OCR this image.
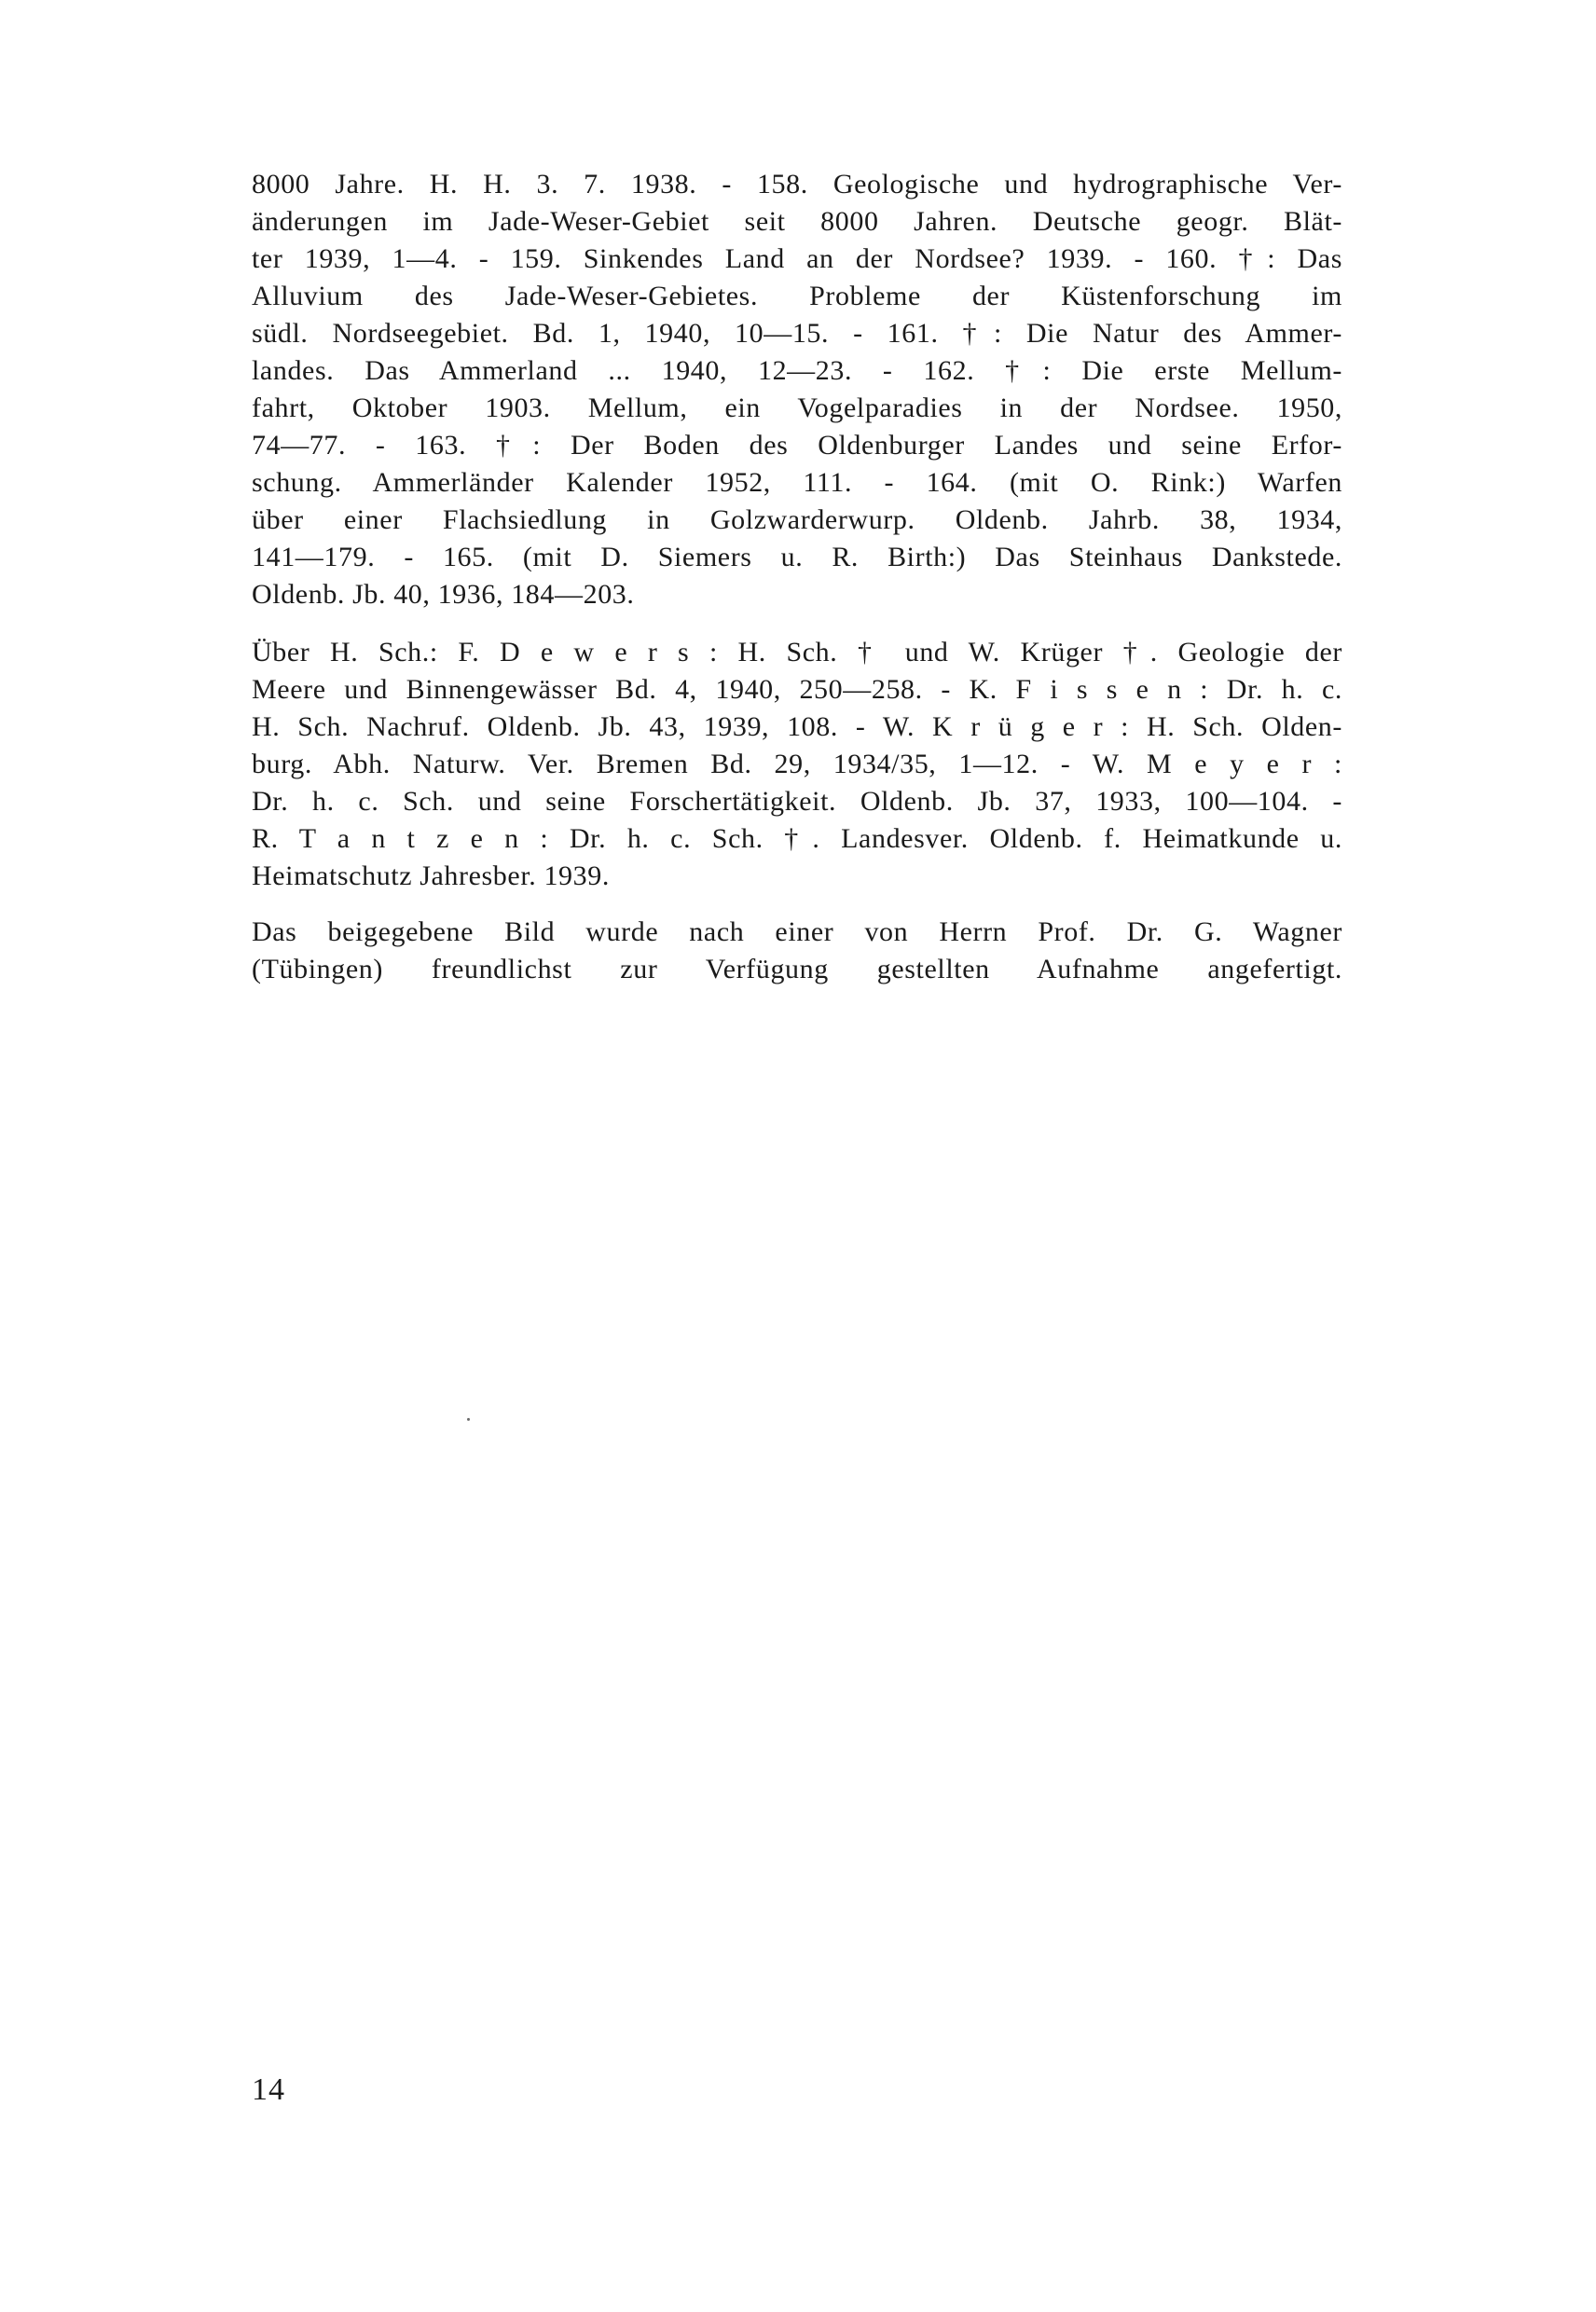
8000 Jahre. H. H. 3. 7. 1938. - 158. Geologische und hydrographische Ver-
änderungen im Jade-Weser-Gebiet seit 8000 Jahren. Deutsche geogr. Blät-
ter 1939, 1—4. - 159. Sinkendes Land an der Nordsee? 1939. - 160. †: Das
Alluvium des Jade-Weser-Gebietes. Probleme der Küstenforschung im
südl. Nordseegebiet. Bd. 1, 1940, 10—15. - 161. †: Die Natur des Ammer-
landes. Das Ammerland ... 1940, 12—23. - 162. †: Die erste Mellum-
fahrt, Oktober 1903. Mellum, ein Vogelparadies in der Nordsee. 1950,
74—77. - 163. †: Der Boden des Oldenburger Landes und seine Erfor-
schung. Ammerländer Kalender 1952, 111. - 164. (mit O. Rink:) Warfen
über einer Flachsiedlung in Golzwarderwurp. Oldenb. Jahrb. 38, 1934,
141—179. - 165. (mit D. Siemers u. R. Birth:) Das Steinhaus Dankstede.
Oldenb. Jb. 40, 1936, 184—203.
Über H. Sch.: F. D e w e r s : H. Sch. † und W. Krüger †. Geologie der
Meere und Binnengewässer Bd. 4, 1940, 250—258. - K. F i s s e n : Dr. h. c.
H. Sch. Nachruf. Oldenb. Jb. 43, 1939, 108. - W. K r ü g e r : H. Sch. Olden-
burg. Abh. Naturw. Ver. Bremen Bd. 29, 1934/35, 1—12. - W. M e y e r :
Dr. h. c. Sch. und seine Forschertätigkeit. Oldenb. Jb. 37, 1933, 100—104. -
R. T a n t z e n : Dr. h. c. Sch. †. Landesver. Oldenb. f. Heimatkunde u.
Heimatschutz Jahresber. 1939.
Das beigegebene Bild wurde nach einer von Herrn Prof. Dr. G. Wagner
(Tübingen) freundlichst zur Verfügung gestellten Aufnahme angefertigt.
14
